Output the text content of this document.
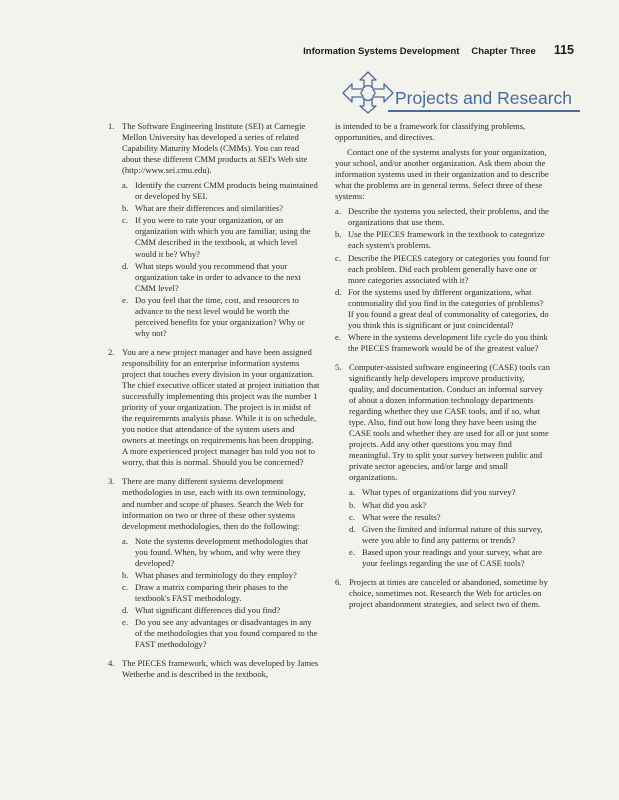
Information Systems Development Chapter Three 115
Projects and Research
1. The Software Engineering Institute (SEI) at Carnegie Mellon University has developed a series of related Capability Maturity Models (CMMs). You can read about these different CMM products at SEI's Web site (http://www.sei.cmu.edu).

a. Identify the current CMM products being maintained or developed by SEI.
b. What are their differences and similarities?
c. If you were to rate your organization, or an organization with which you are familiar, using the CMM described in the textbook, at which level would it be? Why?
d. What steps would you recommend that your organization take in order to advance to the next CMM level?
e. Do you feel that the time, cost, and resources to advance to the next level would be worth the perceived benefits for your organization? Why or why not?
2. You are a new project manager and have been assigned responsibility for an enterprise information systems project that touches every division in your organization. The chief executive officer stated at project initiation that successfully implementing this project was the number 1 priority of your organization. The project is in midst of the requirements analysis phase. While it is on schedule, you notice that attendance of the system users and owners at meetings on requirements has been dropping. A more experienced project manager has told you not to worry, that this is normal. Should you be concerned?

3. There are many different systems development methodologies in use, each with its own terminology, and number and scope of phases. Search the Web for information on two or three of these other systems development methodologies, then do the following:

a. Note the systems development methodologies that you found. When, by whom, and why were they developed?
b. What phases and terminology do they employ?
c. Draw a matrix comparing their phases to the textbook's FAST methodology.
d. What significant differences did you find?
e. Do you see any advantages or disadvantages in any of the methodologies that you found compared to the FAST methodology?
4. The PIECES framework, which was developed by James Wetherbe and is described in the textbook,

is intended to be a framework for classifying problems, opportunities, and directives.

Contact one of the systems analysts for your organization, your school, and/or another organization. Ask them about the information systems used in their organization and to describe what the problems are in general terms. Select three of these systems:

a. Describe the systems you selected, their problems, and the organizations that use them.
b. Use the PIECES framework in the textbook to categorize each system's problems.
c. Describe the PIECES category or categories you found for each problem. Did each problem generally have one or more categories associated with it?
d. For the systems used by different organizations, what commonality did you find in the categories of problems? If you found a great deal of commonality of categories, do you think this is significant or just coincidental?
e. Where in the systems development life cycle do you think the PIECES framework would be of the greatest value?
5. Computer-assisted software engineering (CASE) tools can significantly help developers improve productivity, quality, and documentation. Conduct an informal survey of about a dozen information technology departments regarding whether they use CASE tools, and if so, what type. Also, find out how long they have been using the CASE tools and whether they are used for all or just some projects. Add any other questions you may find meaningful. Try to split your survey between public and private sector agencies, and/or large and small organizations.

a. What types of organizations did you survey?
b. What did you ask?
c. What were the results?
d. Given the limited and informal nature of this survey, were you able to find any patterns or trends?
e. Based upon your readings and your survey, what are your feelings regarding the use of CASE tools?
6. Projects at times are canceled or abandoned, sometime by choice, sometimes not. Research the Web for articles on project abandonment strategies, and select two of them.
